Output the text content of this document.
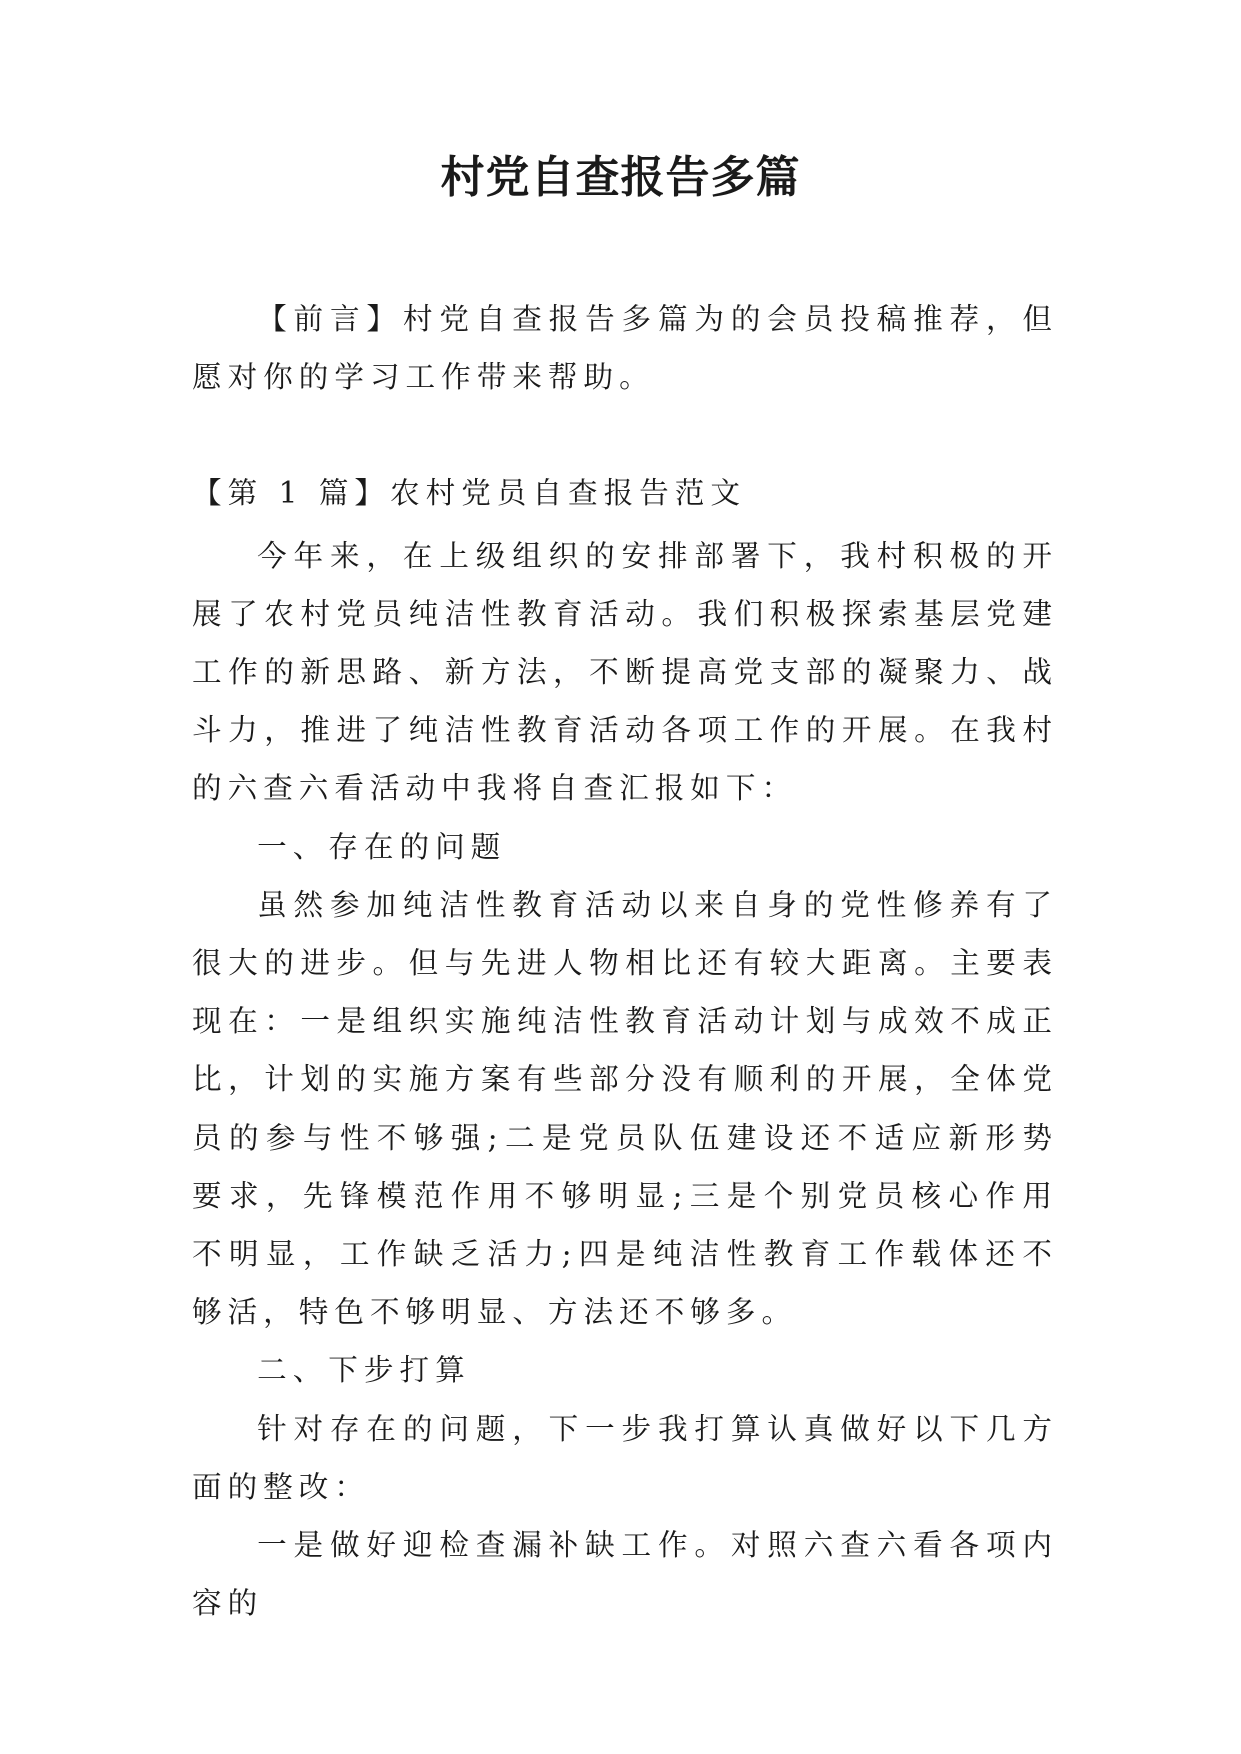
村党自查报告多篇

【前言】村党自查报告多篇为的会员投稿推荐，但愿对你的学习工作带来帮助。

【第 1 篇】农村党员自查报告范文

今年来，在上级组织的安排部署下，我村积极的开展了农村党员纯洁性教育活动。我们积极探索基层党建工作的新思路、新方法，不断提高党支部的凝聚力、战斗力，推进了纯洁性教育活动各项工作的开展。在我村的六查六看活动中我将自查汇报如下：

一、存在的问题

虽然参加纯洁性教育活动以来自身的党性修养有了很大的进步。但与先进人物相比还有较大距离。主要表现在：一是组织实施纯洁性教育活动计划与成效不成正比，计划的实施方案有些部分没有顺利的开展，全体党员的参与性不够强;二是党员队伍建设还不适应新形势要求，先锋模范作用不够明显;三是个别党员核心作用不明显，工作缺乏活力;四是纯洁性教育工作载体还不够活，特色不够明显、方法还不够多。

二、下步打算

针对存在的问题，下一步我打算认真做好以下几方面的整改：

一是做好迎检查漏补缺工作。对照六查六看各项内容的
